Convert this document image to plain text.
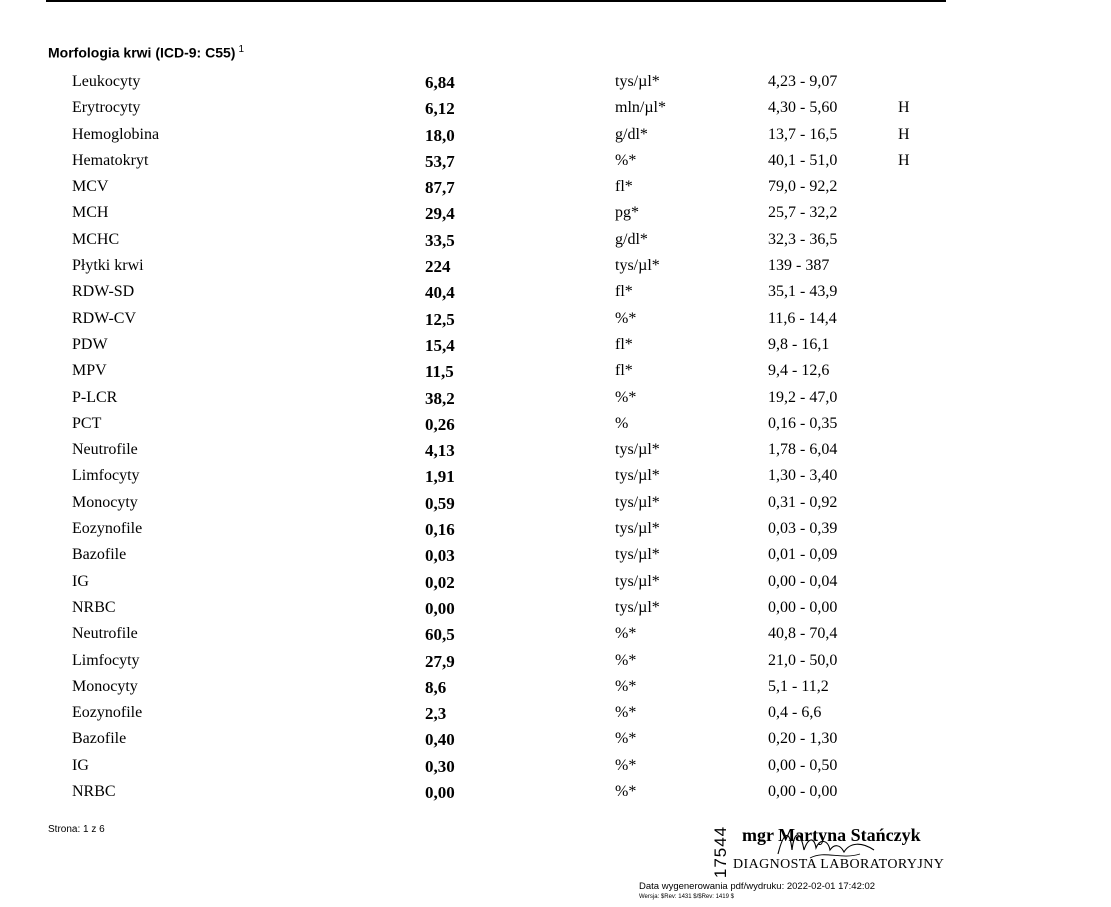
Morfologia krwi (ICD-9: C55) $^1$
Leukocyty	6,84	tys/µl*	4,23 - 9,07
Erytrocyty	6,12	mln/µl*	4,30 - 5,60	H
Hemoglobina	18,0	g/dl*	13,7 - 16,5	H
Hematokryt	53,7	%*	40,1 - 51,0	H
MCV	87,7	fl*	79,0 - 92,2
MCH	29,4	pg*	25,7 - 32,2
MCHC	33,5	g/dl*	32,3 - 36,5
Płytki krwi	224	tys/µl*	139 - 387
RDW-SD	40,4	fl*	35,1 - 43,9
RDW-CV	12,5	%*	11,6 - 14,4
PDW	15,4	fl*	9,8 - 16,1
MPV	11,5	fl*	9,4 - 12,6
P-LCR	38,2	%*	19,2 - 47,0
PCT	0,26	%	0,16 - 0,35
Neutrofile	4,13	tys/µl*	1,78 - 6,04
Limfocyty	1,91	tys/µl*	1,30 - 3,40
Monocyty	0,59	tys/µl*	0,31 - 0,92
Eozynofile	0,16	tys/µl*	0,03 - 0,39
Bazofile	0,03	tys/µl*	0,01 - 0,09
IG	0,02	tys/µl*	0,00 - 0,04
NRBC	0,00	tys/µl*	0,00 - 0,00
Neutrofile	60,5	%*	40,8 - 70,4
Limfocyty	27,9	%*	21,0 - 50,0
Monocyty	8,6	%*	5,1 - 11,2
Eozynofile	2,3	%*	0,4 - 6,6
Bazofile	0,40	%*	0,20 - 1,30
IG	0,30	%*	0,00 - 0,50
NRBC	0,00	%*	0,00 - 0,00
Strona: 1 z 6	17544 mgr Martyna Stańczyk
DIAGNOSTA LABORATORYJNY
Data wygenerowania pdf/wydruku: 2022-02-01 17:42:02
Wersja: $Rev: 1431 $/$Rev: 1419 $
